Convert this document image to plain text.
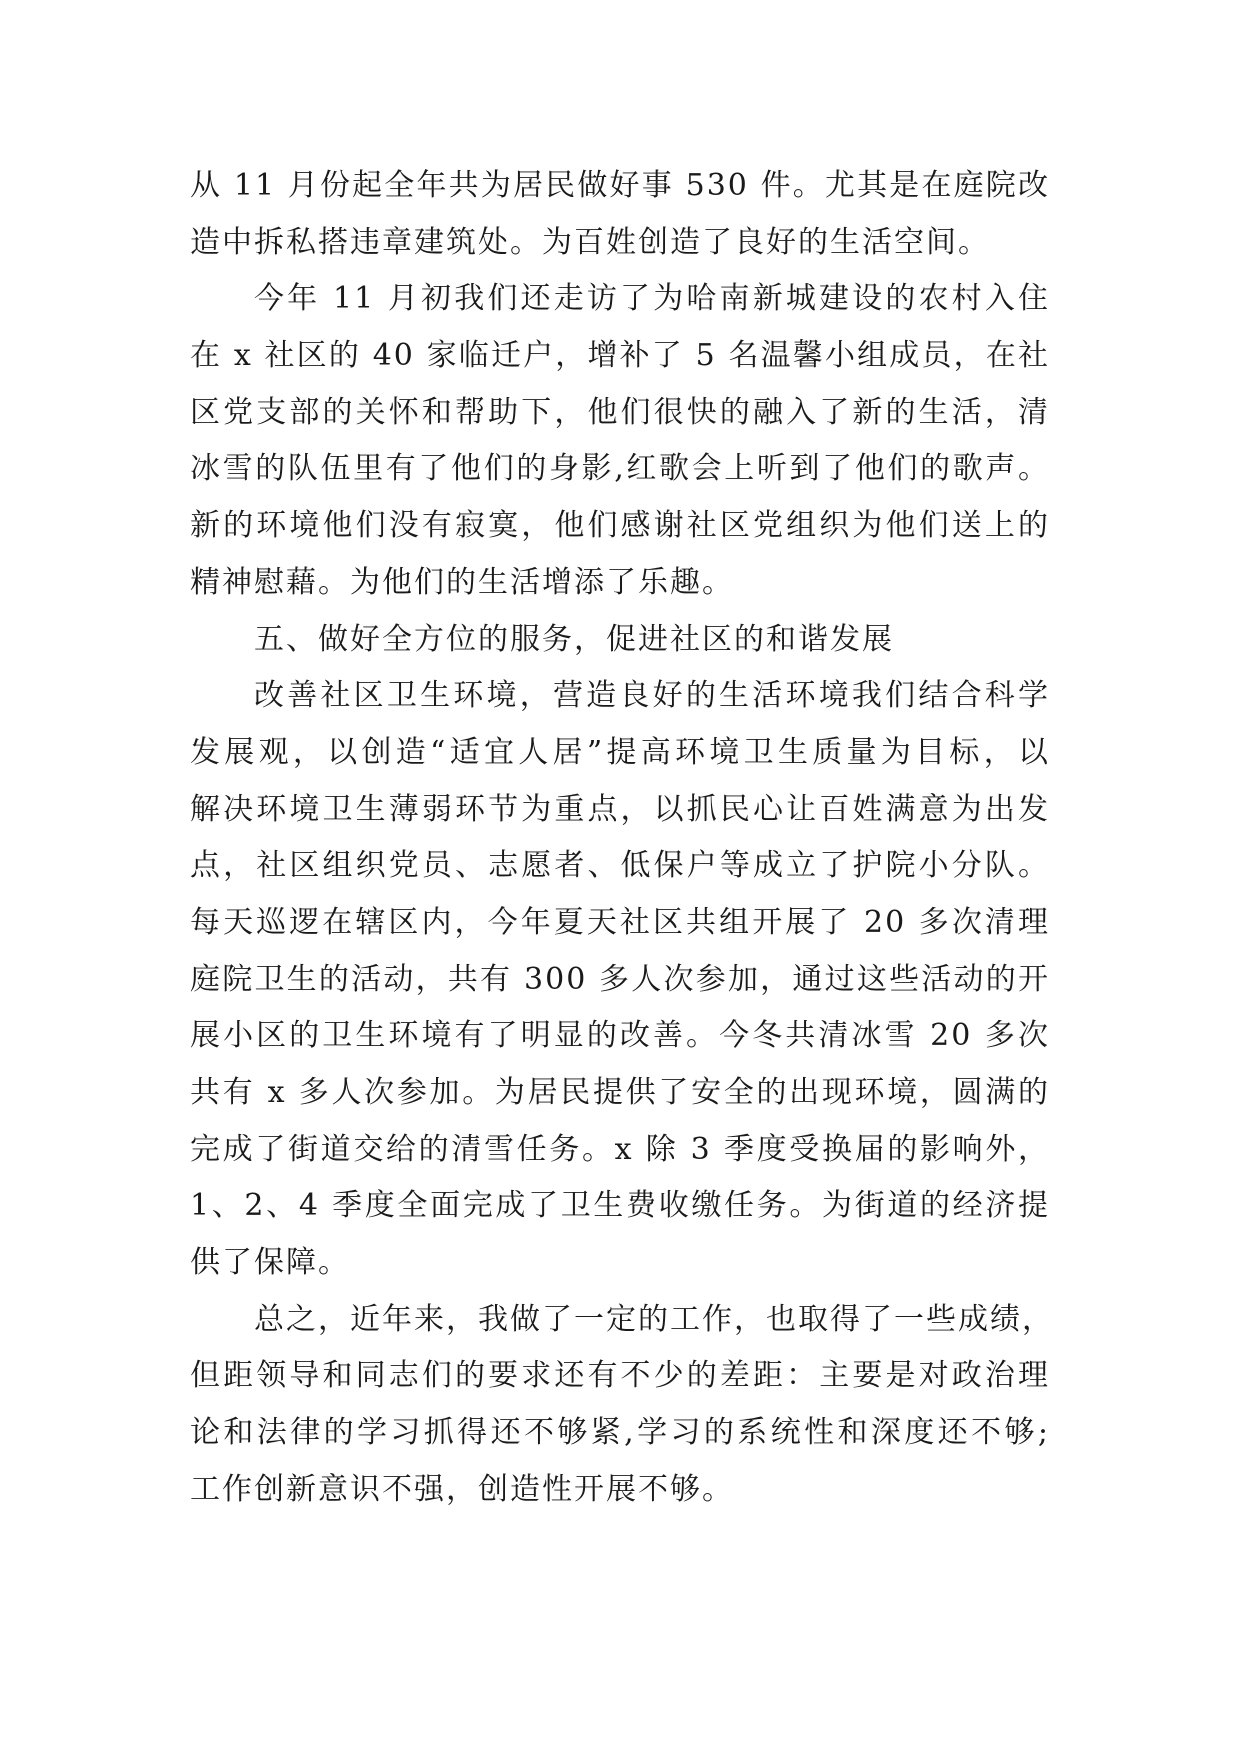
从 11 月份起全年共为居民做好事 530 件。尤其是在庭院改
造中拆私搭违章建筑处。为百姓创造了良好的生活空间。
今年 11 月初我们还走访了为哈南新城建设的农村入住
在 x 社区的 40 家临迁户，增补了 5 名温馨小组成员，在社
区党支部的关怀和帮助下，他们很快的融入了新的生活，清
冰雪的队伍里有了他们的身影,红歌会上听到了他们的歌声。
新的环境他们没有寂寞，他们感谢社区党组织为他们送上的
精神慰藉。为他们的生活增添了乐趣。
五、做好全方位的服务，促进社区的和谐发展
改善社区卫生环境，营造良好的生活环境我们结合科学
发展观，以创造“适宜人居”提高环境卫生质量为目标，以
解决环境卫生薄弱环节为重点，以抓民心让百姓满意为出发
点，社区组织党员、志愿者、低保户等成立了护院小分队。
每天巡逻在辖区内，今年夏天社区共组开展了 20 多次清理
庭院卫生的活动，共有 300 多人次参加，通过这些活动的开
展小区的卫生环境有了明显的改善。今冬共清冰雪 20 多次
共有 x 多人次参加。为居民提供了安全的出现环境，圆满的
完成了街道交给的清雪任务。x 除 3 季度受换届的影响外，
1、2、4 季度全面完成了卫生费收缴任务。为街道的经济提
供了保障。
总之，近年来，我做了一定的工作，也取得了一些成绩，
但距领导和同志们的要求还有不少的差距：主要是对政治理
论和法律的学习抓得还不够紧,学习的系统性和深度还不够;
工作创新意识不强，创造性开展不够。
